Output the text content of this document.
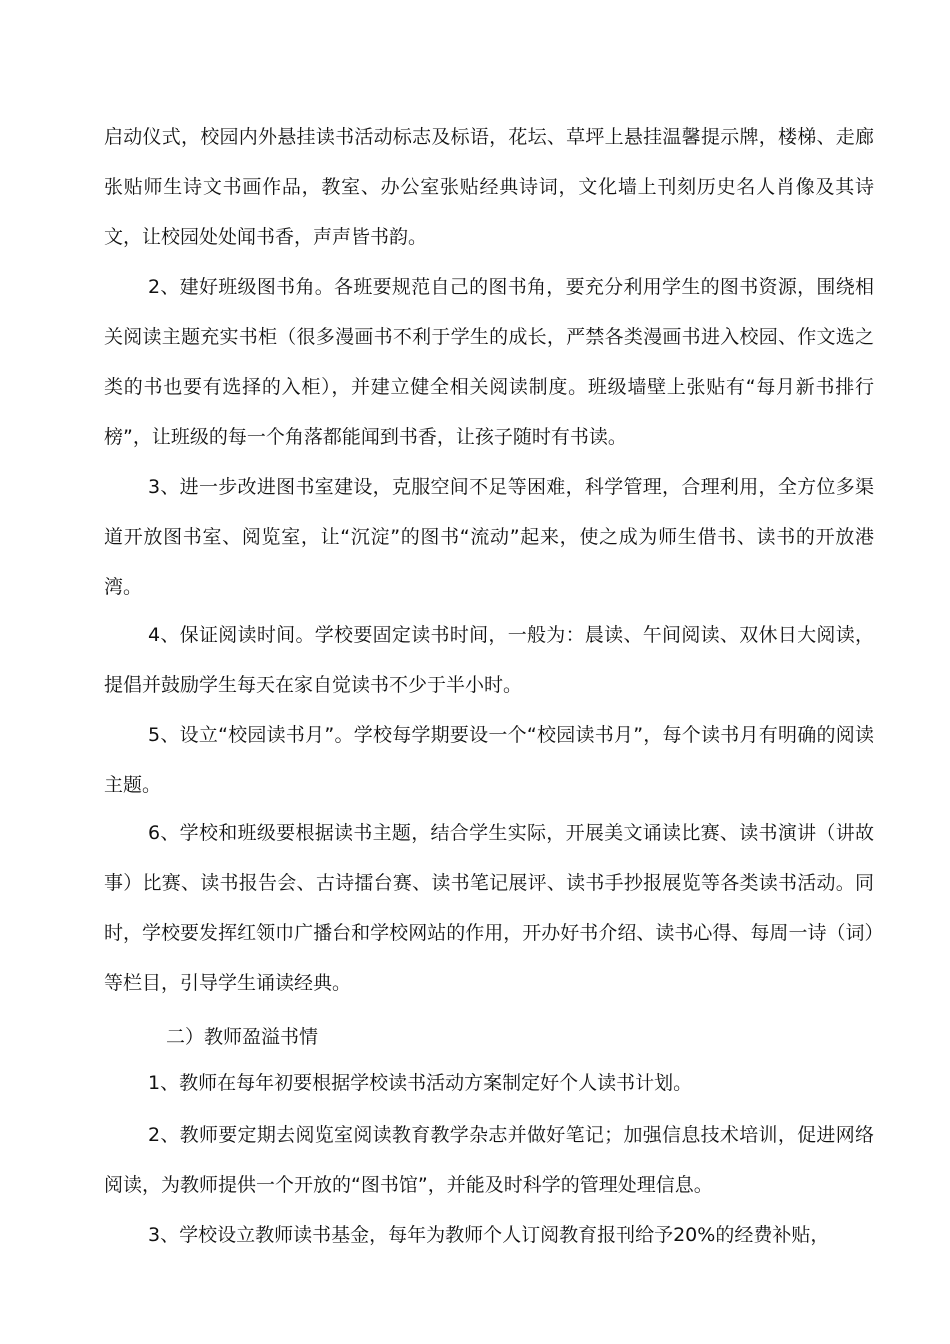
启动仪式，校园内外悬挂读书活动标志及标语，花坛、草坪上悬挂温馨提示牌，楼梯、走廊张贴师生诗文书画作品，教室、办公室张贴经典诗词，文化墙上刊刻历史名人肖像及其诗文，让校园处处闻书香，声声皆书韵。

2、建好班级图书角。各班要规范自己的图书角，要充分利用学生的图书资源，围绕相关阅读主题充实书柜（很多漫画书不利于学生的成长，严禁各类漫画书进入校园、作文选之类的书也要有选择的入柜），并建立健全相关阅读制度。班级墙壁上张贴有“每月新书排行榜”，让班级的每一个角落都能闻到书香，让孩子随时有书读。

3、进一步改进图书室建设，克服空间不足等困难，科学管理，合理利用，全方位多渠道开放图书室、阅览室，让“沉淀”的图书“流动”起来，使之成为师生借书、读书的开放港湾。

4、保证阅读时间。学校要固定读书时间，一般为：晨读、午间阅读、双休日大阅读，提倡并鼓励学生每天在家自觉读书不少于半小时。

5、设立“校园读书月”。学校每学期要设一个“校园读书月”，每个读书月有明确的阅读主题。

6、学校和班级要根据读书主题，结合学生实际，开展美文诵读比赛、读书演讲（讲故事）比赛、读书报告会、古诗擂台赛、读书笔记展评、读书手抄报展览等各类读书活动。同时，学校要发挥红领巾广播台和学校网站的作用，开办好书介绍、读书心得、每周一诗（词）等栏目，引导学生诵读经典。

二）教师盈溢书情

1、教师在每年初要根据学校读书活动方案制定好个人读书计划。

2、教师要定期去阅览室阅读教育教学杂志并做好笔记；加强信息技术培训，促进网络阅读，为教师提供一个开放的“图书馆”，并能及时科学的管理处理信息。

3、学校设立教师读书基金，每年为教师个人订阅教育报刊给予20%的经费补贴，
